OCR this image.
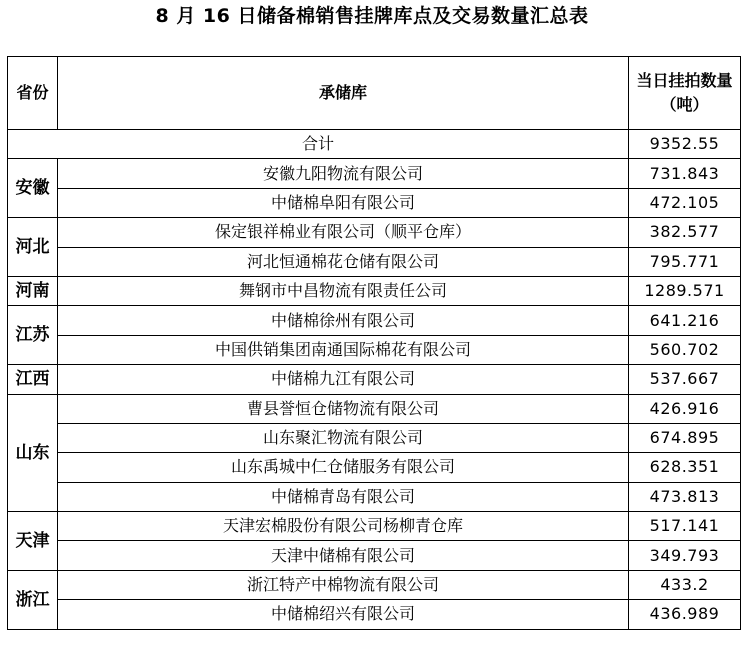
8 月 16 日储备棉销售挂牌库点及交易数量汇总表
省份	承储库	当日挂拍数量（吨）
合计		9352.55
安徽	安徽九阳物流有限公司	731.843
	中储棉阜阳有限公司	472.105
河北	保定银祥棉业有限公司（顺平仓库）	382.577
	河北恒通棉花仓储有限公司	795.771
河南	舞钢市中昌物流有限责任公司	1289.571
江苏	中储棉徐州有限公司	641.216
	中国供销集团南通国际棉花有限公司	560.702
江西	中储棉九江有限公司	537.667
山东	曹县誉恒仓储物流有限公司	426.916
	山东聚汇物流有限公司	674.895
	山东禹城中仁仓储服务有限公司	628.351
	中储棉青岛有限公司	473.813
天津	天津宏棉股份有限公司杨柳青仓库	517.141
	天津中储棉有限公司	349.793
浙江	浙江特产中棉物流有限公司	433.2
	中储棉绍兴有限公司	436.989
